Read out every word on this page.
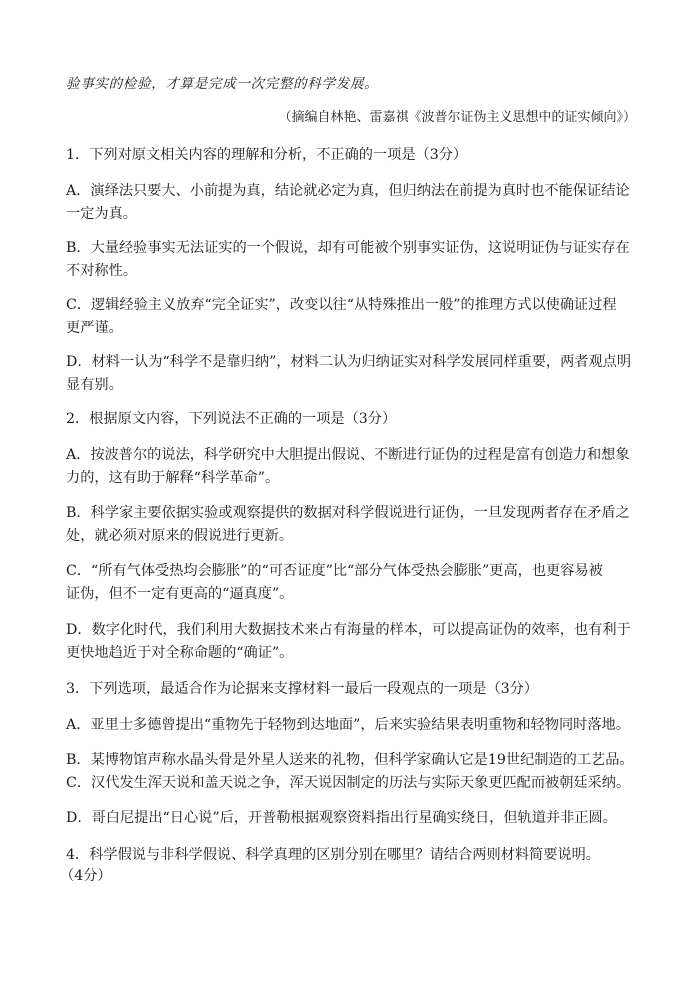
验事实的检验，才算是完成一次完整的科学发展。
（摘编自林艳、雷嘉祺《波普尔证伪主义思想中的证实倾向》）
1．下列对原文相关内容的理解和分析，不正确的一项是（3分）
A．演绎法只要大、小前提为真，结论就必定为真，但归纳法在前提为真时也不能保证结论
一定为真。
B．大量经验事实无法证实的一个假说，却有可能被个别事实证伪，这说明证伪与证实存在
不对称性。
C．逻辑经验主义放弃“完全证实”，改变以往“从特殊推出一般”的推理方式以使确证过程
更严谨。
D．材料一认为“科学不是靠归纳”，材料二认为归纳证实对科学发展同样重要，两者观点明
显有别。
2．根据原文内容，下列说法不正确的一项是（3分）
A．按波普尔的说法，科学研究中大胆提出假说、不断进行证伪的过程是富有创造力和想象
力的，这有助于解释“科学革命”。
B．科学家主要依据实验或观察提供的数据对科学假说进行证伪，一旦发现两者存在矛盾之
处，就必须对原来的假说进行更新。
C．“所有气体受热均会膨胀”的“可否证度”比“部分气体受热会膨胀”更高，也更容易被
证伪，但不一定有更高的“逼真度”。
D．数字化时代，我们利用大数据技术来占有海量的样本，可以提高证伪的效率，也有利于
更快地趋近于对全称命题的“确证”。
3．下列选项，最适合作为论据来支撑材料一最后一段观点的一项是（3分）
A．亚里士多德曾提出“重物先于轻物到达地面”，后来实验结果表明重物和轻物同时落地。
B．某博物馆声称水晶头骨是外星人送来的礼物，但科学家确认它是19世纪制造的工艺品。
C．汉代发生浑天说和盖天说之争，浑天说因制定的历法与实际天象更匹配而被朝廷采纳。
D．哥白尼提出“日心说”后，开普勒根据观察资料指出行星确实绕日，但轨道并非正圆。
4．科学假说与非科学假说、科学真理的区别分别在哪里？请结合两则材料简要说明。
（4分）
